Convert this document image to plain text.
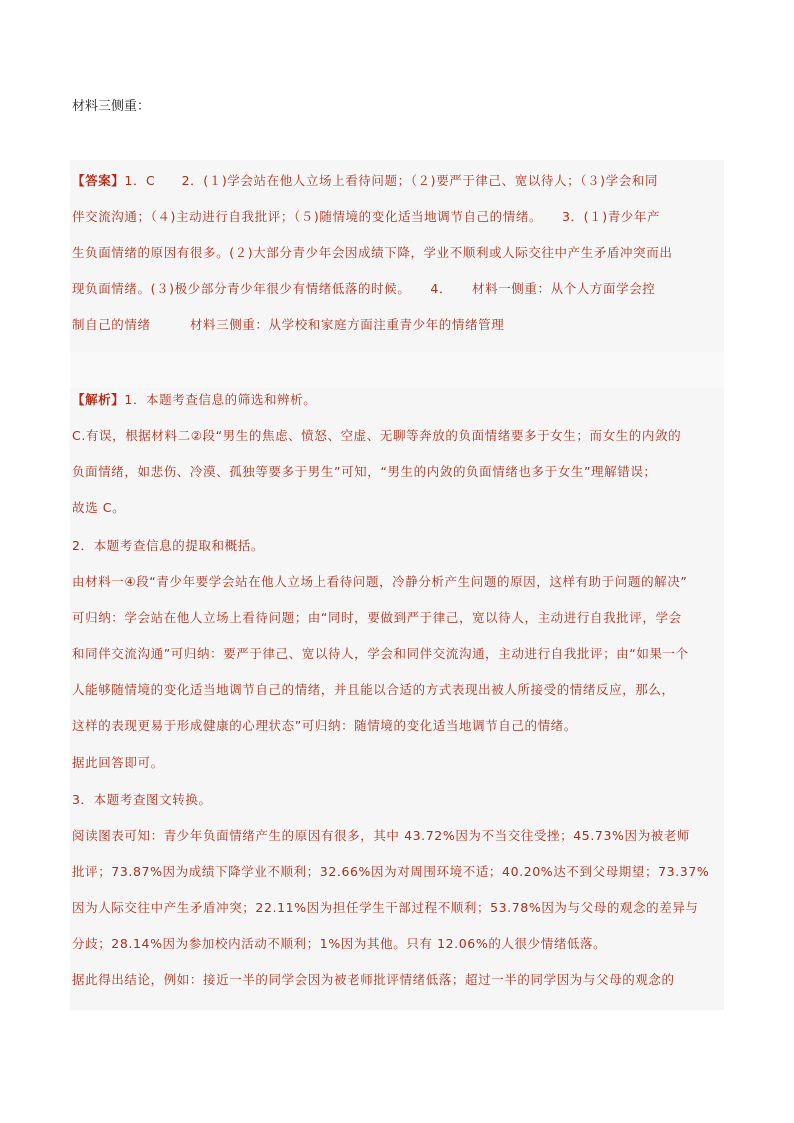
材料三侧重：
【答案】1．C　　2．(１)学会站在他人立场上看待问题；（２)要严于律己、宽以待人；（３)学会和同
伴交流沟通；（４)主动进行自我批评；（５)随情境的变化适当地调节自己的情绪。　　3．(１)青少年产
生负面情绪的原因有很多。(２)大部分青少年会因成绩下降，学业不顺利或人际交往中产生矛盾冲突而出
现负面情绪。(３)极少部分青少年很少有情绪低落的时候。　　4．　　材料一侧重：从个人方面学会控
制自己的情绪　　　材料三侧重：从学校和家庭方面注重青少年的情绪管理
【解析】1．本题考查信息的筛选和辨析。
C.有误，根据材料二②段“男生的焦虑、愤怒、空虚、无聊等奔放的负面情绪要多于女生；而女生的内敛的
负面情绪，如悲伤、冷漠、孤独等要多于男生”可知，“男生的内敛的负面情绪也多于女生”理解错误；
故选 C。
2．本题考查信息的提取和概括。
由材料一④段“青少年要学会站在他人立场上看待问题，冷静分析产生问题的原因，这样有助于问题的解决”
可归纳：学会站在他人立场上看待问题；由“同时，要做到严于律己，宽以待人，主动进行自我批评，学会
和同伴交流沟通”可归纳：要严于律己、宽以待人，学会和同伴交流沟通，主动进行自我批评；由“如果一个
人能够随情境的变化适当地调节自己的情绪，并且能以合适的方式表现出被人所接受的情绪反应，那么，
这样的表现更易于形成健康的心理状态”可归纳：随情境的变化适当地调节自己的情绪。
据此回答即可。
3．本题考查图文转换。
阅读图表可知：青少年负面情绪产生的原因有很多，其中 43.72%因为不当交往受挫；45.73%因为被老师
批评；73.87%因为成绩下降学业不顺利；32.66%因为对周围环境不适；40.20%达不到父母期望；73.37%
因为人际交往中产生矛盾冲突；22.11%因为担任学生干部过程不顺利；53.78%因为与父母的观念的差异与
分歧；28.14%因为参加校内活动不顺利；1%因为其他。只有 12.06%的人很少情绪低落。
据此得出结论，例如：接近一半的同学会因为被老师批评情绪低落；超过一半的同学因为与父母的观念的
